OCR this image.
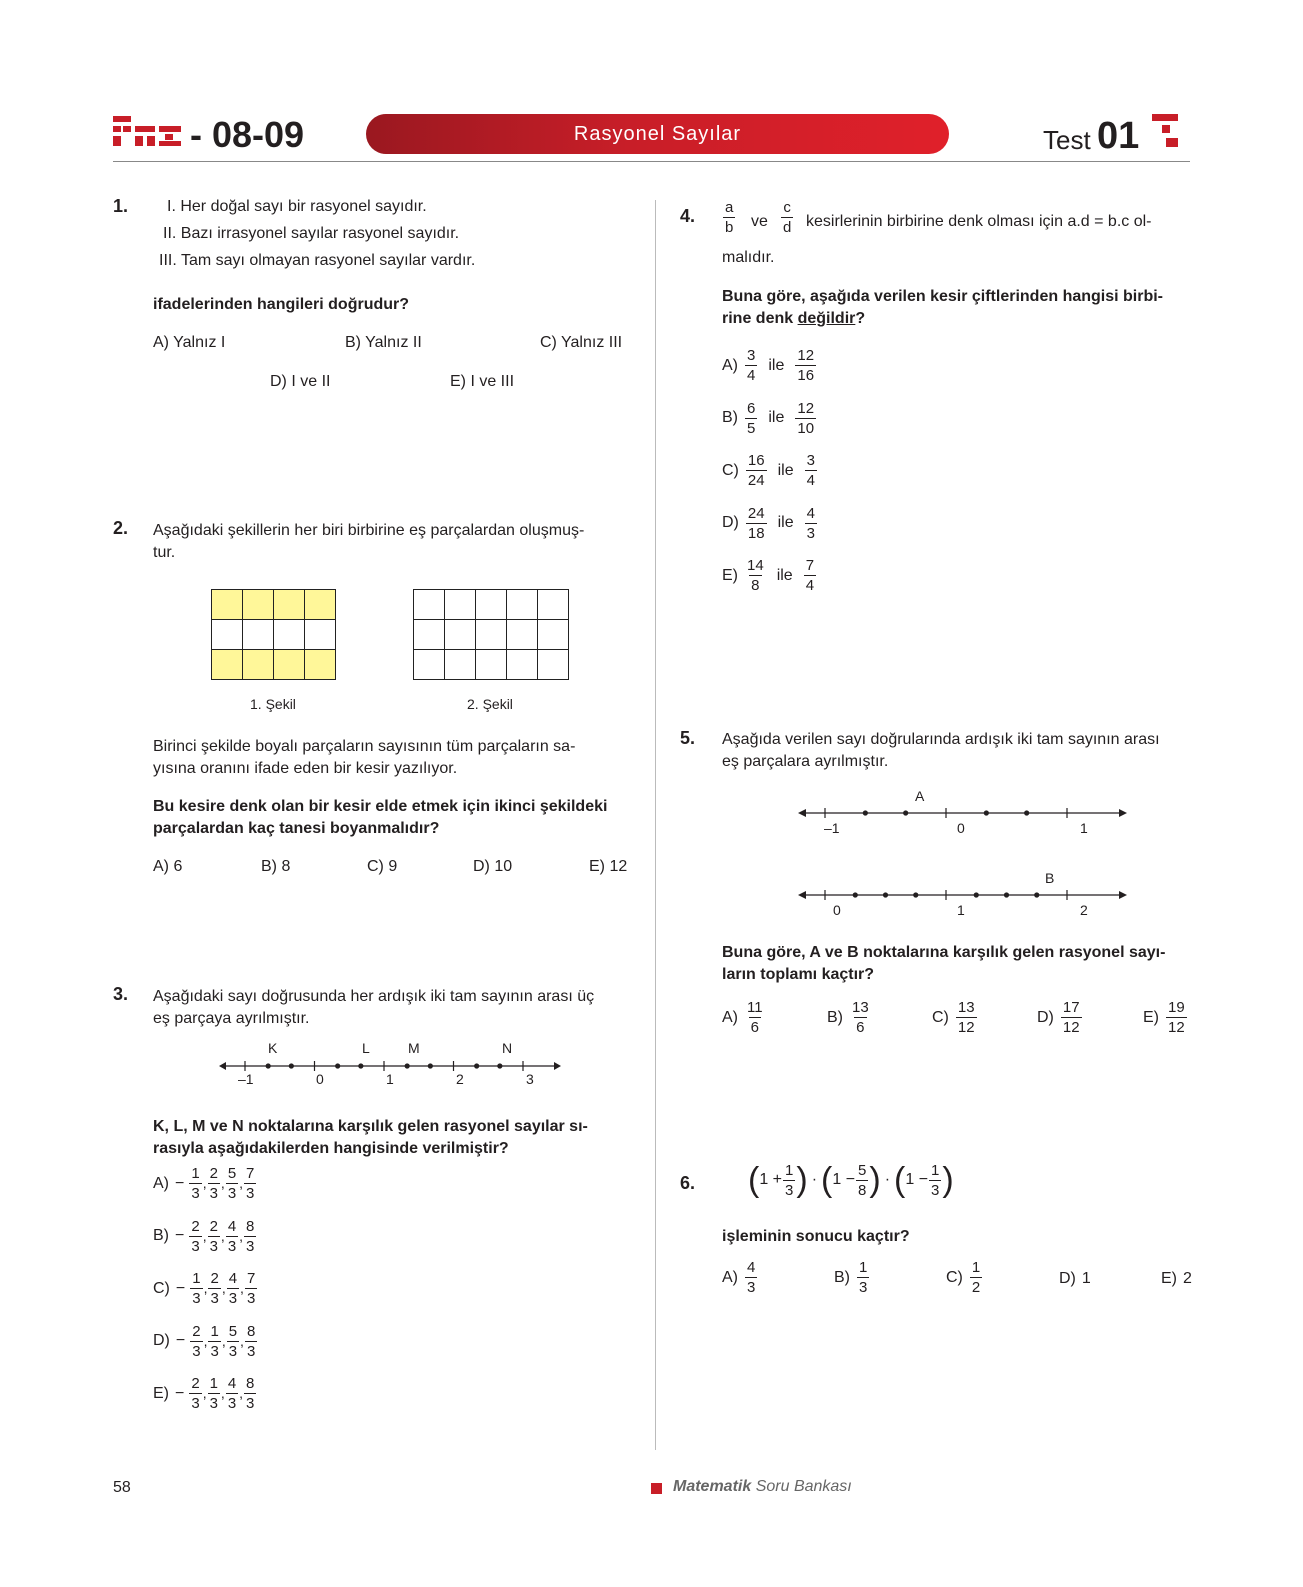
- 08-09	Rasyonel Sayılar	Test 01
1. I. Her doğal sayı bir rasyonel sayıdır.
II. Bazı irrasyonel sayılar rasyonel sayıdır.
III. Tam sayı olmayan rasyonel sayılar vardır.
ifadelerinden hangileri doğrudur?
A) Yalnız I	B) Yalnız II	C) Yalnız III
D) I ve II	E) I ve III
2. Aşağıdaki şekillerin her biri birbirine eş parçalardan oluşmuş-
tur.

1. Şekil	2. Şekil
Birinci şekilde boyalı parçaların sayısının tüm parçaların sa-
yısına oranını ifade eden bir kesir yazılıyor.
Bu kesire denk olan bir kesir elde etmek için ikinci şekildeki
parçalardan kaç tanesi boyanmalıdır?
A) 6	B) 8	C) 9	D) 10	E) 12
3. Aşağıdaki sayı doğrusunda her ardışık iki tam sayının arası üç
eş parçaya ayrılmıştır.
K	L	M	N
–1	0	1	2	3
K, L, M ve N noktalarına karşılık gelen rasyonel sayılar sı-
rasıyla aşağıdakilerden hangisinde verilmiştir?
$A) - \frac{1}{3}$ , $\frac{2}{3}$ , $\frac{5}{3}$ , $\frac{7}{3}$
$B) - \frac{2}{3}$ , $\frac{2}{3}$ , $\frac{4}{3}$ , $\frac{8}{3}$
$C) - \frac{1}{3}$ , $\frac{2}{3}$ , $\frac{4}{3}$ , $\frac{7}{3}$
$D) - \frac{2}{3}$ , $\frac{1}{3}$ , $\frac{5}{3}$ , $\frac{8}{3}$
$E) - \frac{2}{3}$ , $\frac{1}{3}$ , $\frac{4}{3}$ , $\frac{8}{3}$
4. $\frac{a}{b}$ ve $\frac{c}{d}$ kesirlerinin birbirine denk olması için a.d = b.c ol-
malıdır.
Buna göre, aşağıda verilen kesir çiftlerinden hangisi birbi-
rine denk değildir?
$A) \frac{3}{4}$ ile $\frac{12}{16}$
$B) \frac{6}{5}$ ile $\frac{12}{10}$
$C) \frac{16}{24}$ ile $\frac{3}{4}$
$D) \frac{24}{18}$ ile $\frac{4}{3}$
$E) \frac{14}{8}$ ile $\frac{7}{4}$
5. Aşağıda verilen sayı doğrularında ardışık iki tam sayının arası
eş parçalara ayrılmıştır.
A
–1	0	1
B
0	1	2
Buna göre, A ve B noktalarına karşılık gelen rasyonel sayı-
ların toplamı kaçtır?
$A) \frac{11}{6}$	$B) \frac{13}{6}$	$C) \frac{13}{12}$	$D) \frac{17}{12}$	$E) \frac{19}{12}$
6. ( $1 + \frac{1}{3}$ ) · ( $1 - \frac{5}{8}$ ) · ( $1 - \frac{1}{3}$ )
işleminin sonucu kaçtır?
$A) \frac{4}{3}$	$B) \frac{1}{3}$	$C) \frac{1}{2}$	D) 1	E) 2
58	Matematik Soru Bankası
